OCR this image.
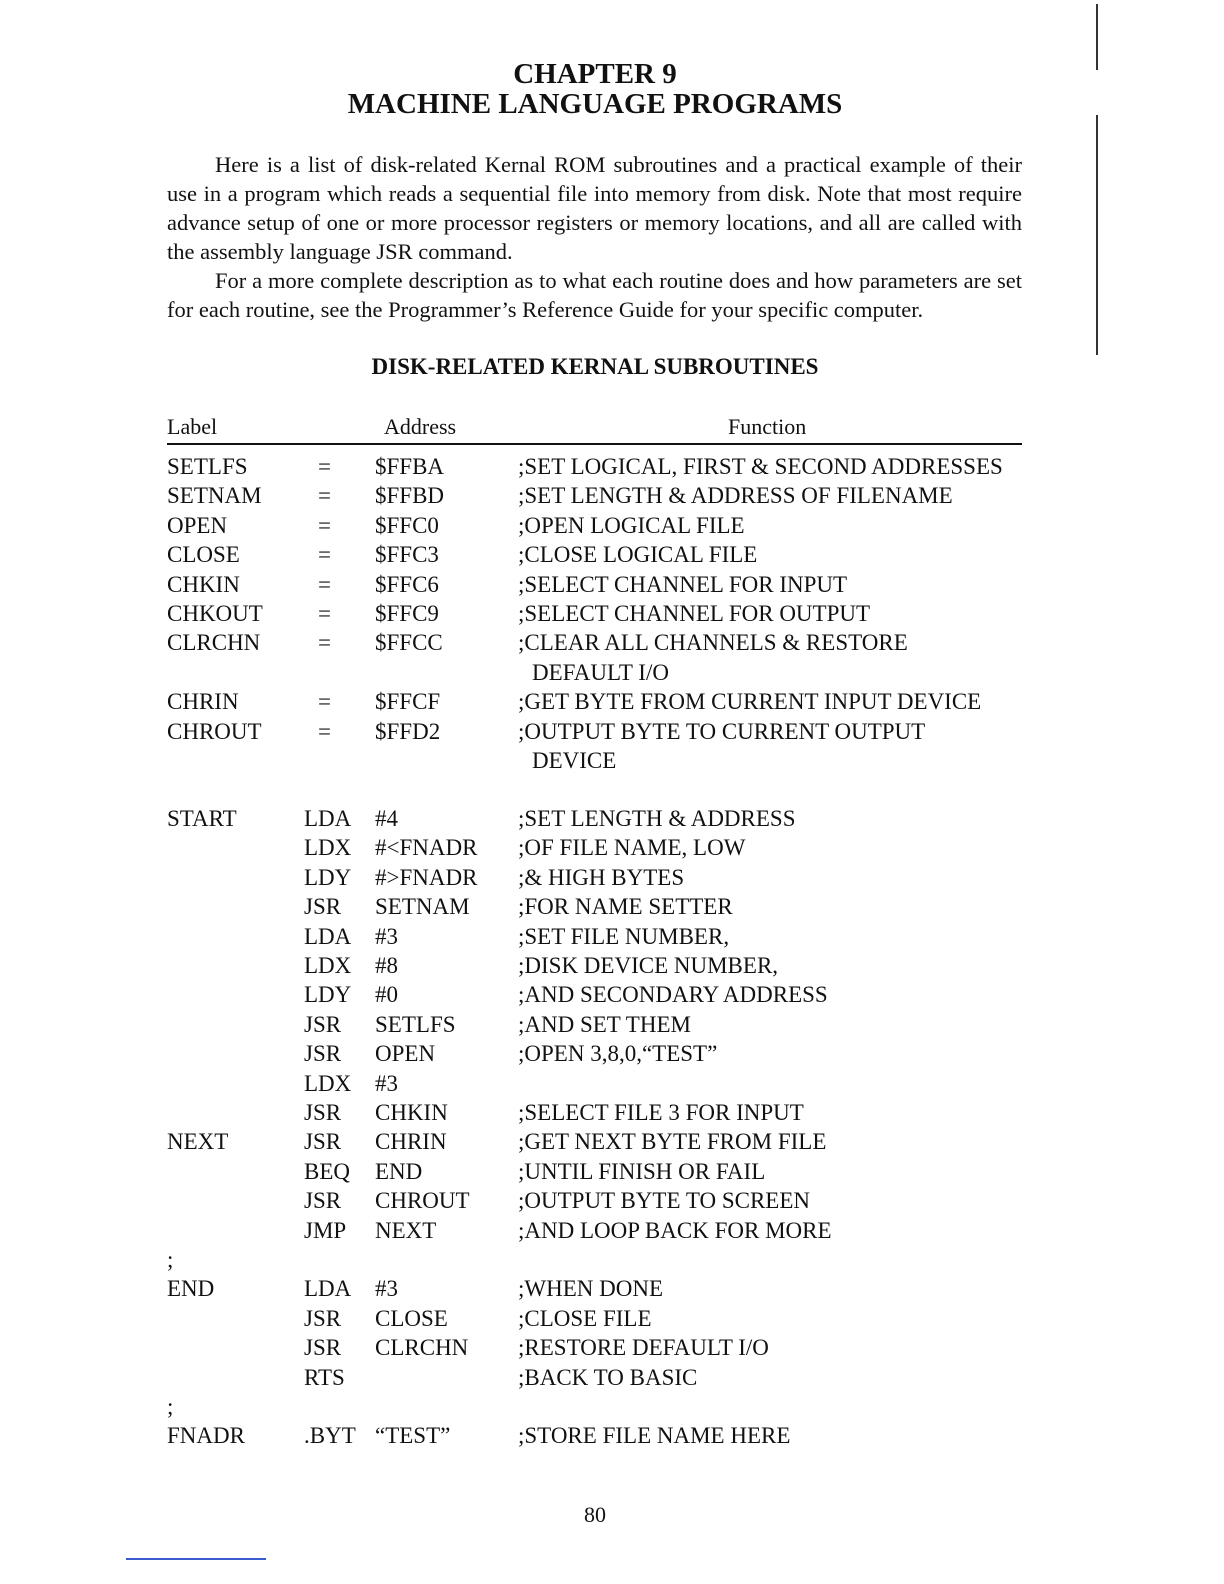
CHAPTER 9
MACHINE LANGUAGE PROGRAMS
Here is a list of disk-related Kernal ROM subroutines and a practical example of their use in a program which reads a sequential file into memory from disk. Note that most require advance setup of one or more processor registers or memory locations, and all are called with the assembly language JSR command.
For a more complete description as to what each routine does and how parameters are set for each routine, see the Programmer’s Reference Guide for your specific computer.
DISK-RELATED KERNAL SUBROUTINES
Label	Address	Function
SETLFS	= $FFBA	;SET LOGICAL, FIRST & SECOND ADDRESSES
SETNAM = $FFBD	;SET LENGTH & ADDRESS OF FILENAME
OPEN	= $FFC0	;OPEN LOGICAL FILE
CLOSE	= $FFC3	;CLOSE LOGICAL FILE
CHKIN	= $FFC6	;SELECT CHANNEL FOR INPUT
CHKOUT = $FFC9	;SELECT CHANNEL FOR OUTPUT
CLRCHN	= $FFCC	;CLEAR ALL CHANNELS & RESTORE
DEFAULT I/O
CHRIN	= $FFCF	;GET BYTE FROM CURRENT INPUT DEVICE
CHROUT = $FFD2	;OUTPUT BYTE TO CURRENT OUTPUT
DEVICE
START	LDA #4	;SET LENGTH & ADDRESS
LDX #<FNADR ;OF FILE NAME, LOW
LDY #>FNADR ;& HIGH BYTES
JSR SETNAM ;FOR NAME SETTER
LDA #3	;SET FILE NUMBER,
LDX #8	;DISK DEVICE NUMBER,
LDY #0	;AND SECONDARY ADDRESS
JSR SETLFS	;AND SET THEM
JSR OPEN	;OPEN 3,8,0,“TEST”
LDX #3
JSR CHKIN	;SELECT FILE 3 FOR INPUT
NEXT	JSR CHRIN	;GET NEXT BYTE FROM FILE
BEQ END	;UNTIL FINISH OR FAIL
JSR CHROUT ;OUTPUT BYTE TO SCREEN
JMP NEXT	;AND LOOP BACK FOR MORE
;
END	LDA #3	;WHEN DONE
JSR CLOSE	;CLOSE FILE
JSR CLRCHN ;RESTORE DEFAULT I/O
RTS	;BACK TO BASIC
;
FNADR	.BYT “TEST”	;STORE FILE NAME HERE
80
